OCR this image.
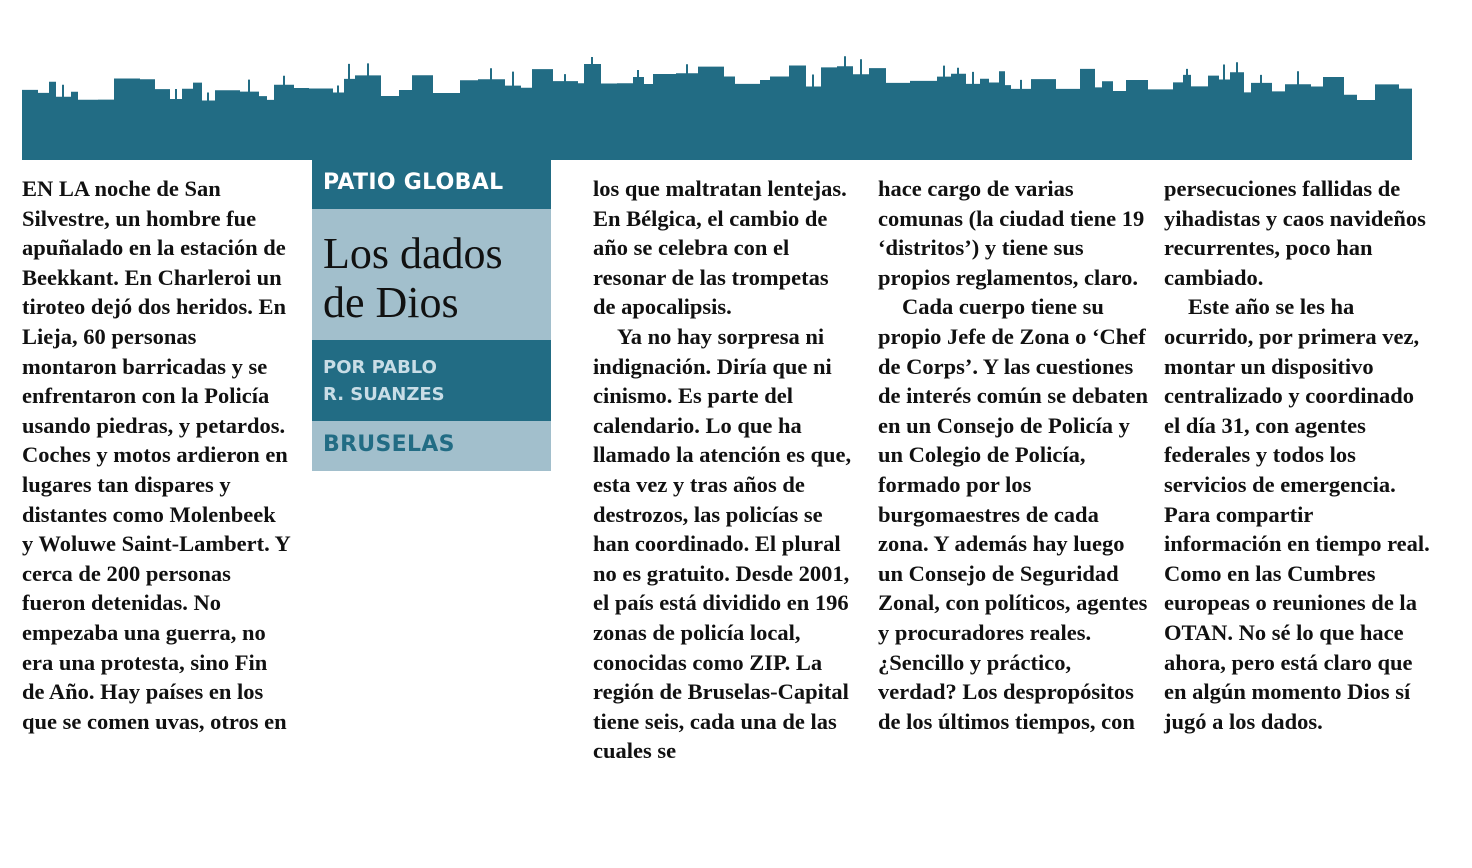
EN LA noche de San Silvestre, un hombre fue apuñalado en la estación de Beekkant. En Charleroi un tiroteo dejó dos heridos. En Lieja, 60 personas montaron barricadas y se enfrentaron con la Policía usando piedras, y petardos. Coches y motos ardieron en lugares tan dispares y distantes como Molenbeek y Woluwe Saint-Lambert. Y cerca de 200 personas fueron detenidas. No empezaba una guerra, no era una protesta, sino Fin de Año. Hay países en los que se comen uvas, otros en

PATIO GLOBAL
Los dados
de Dios
POR PABLO
R. SUANZES
BRUSELAS

los que maltratan lentejas. En Bélgica, el cambio de año se celebra con el resonar de las trompetas de apocalipsis.

Ya no hay sorpresa ni indignación. Diría que ni cinismo. Es parte del calendario. Lo que ha llamado la atención es que, esta vez y tras años de destrozos, las policías se han coordinado. El plural no es gratuito. Desde 2001, el país está dividido en 196 zonas de policía local, conocidas como ZIP. La región de Bruselas-Capital tiene seis, cada una de las cuales se

hace cargo de varias comunas (la ciudad tiene 19 ‘distritos’) y tiene sus propios reglamentos, claro.

Cada cuerpo tiene su propio Jefe de Zona o ‘Chef de Corps’. Y las cuestiones de interés común se debaten en un Consejo de Policía y un Colegio de Policía, formado por los burgomaestres de cada zona. Y además hay luego un Consejo de Seguridad Zonal, con políticos, agentes y procuradores reales. ¿Sencillo y práctico, verdad? Los despropósitos de los últimos tiempos, con

persecuciones fallidas de yihadistas y caos navideños recurrentes, poco han cambiado.

Este año se les ha ocurrido, por primera vez, montar un dispositivo centralizado y coordinado el día 31, con agentes federales y todos los servicios de emergencia. Para compartir información en tiempo real. Como en las Cumbres europeas o reuniones de la OTAN. No sé lo que hace ahora, pero está claro que en algún momento Dios sí jugó a los dados.
